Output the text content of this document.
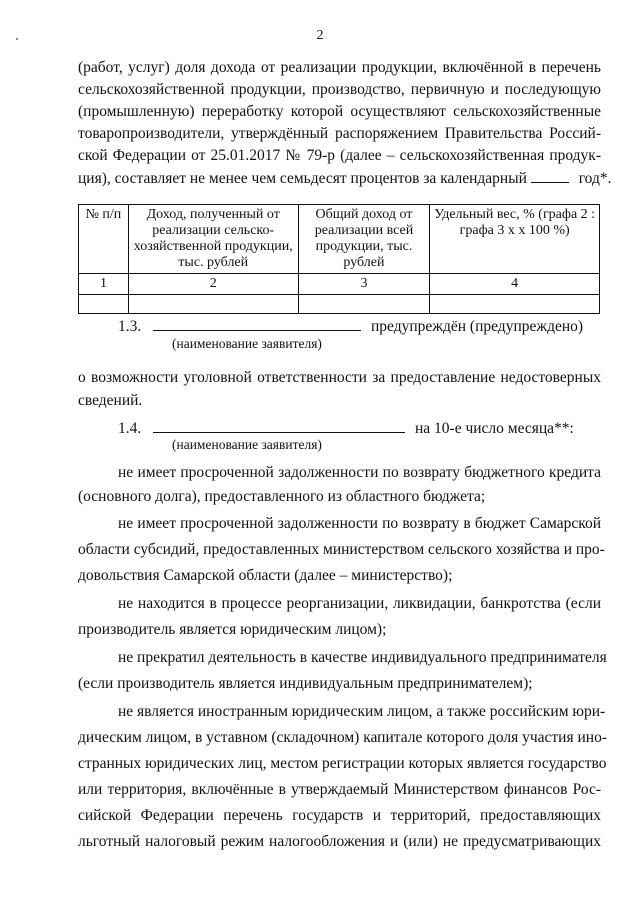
2
(работ, услуг) доля дохода от реализации продукции, включённой в перечень
сельскохозяйственной продукции, производство, первичную и последующую
(промышленную) переработку которой осуществляют сельскохозяйственные
товаропроизводители, утверждённый распоряжением Правительства Россий-
ской Федерации от 25.01.2017 № 79-р (далее – сельскохозяйственная продук-
ция), составляет не менее чем семьдесят процентов за календарный	год*.
№ п/п	Доход, полученный от реализации сельско-хозяйственной продукции, тыс. рублей	Общий доход от реализации всей продукции, тыс. рублей	Удельный вес, % (графа 2 : графа 3 х х 100 %)
1	2	3	4

1.3.	предупреждён (предупреждено)
(наименование заявителя)
о возможности уголовной ответственности за предоставление недостоверных
сведений.
1.4.	на 10-е число месяца**:
(наименование заявителя)
не имеет просроченной задолженности по возврату бюджетного кредита
(основного долга), предоставленного из областного бюджета;
не имеет просроченной задолженности по возврату в бюджет Самарской
области субсидий, предоставленных министерством сельского хозяйства и про-
довольствия Самарской области (далее – министерство);
не находится в процессе реорганизации, ликвидации, банкротства (если
производитель является юридическим лицом);
не прекратил деятельность в качестве индивидуального предпринимателя
(если производитель является индивидуальным предпринимателем);
не является иностранным юридическим лицом, а также российским юри-
дическим лицом, в уставном (складочном) капитале которого доля участия ино-
странных юридических лиц, местом регистрации которых является государство
или территория, включённые в утверждаемый Министерством финансов Рос-
сийской Федерации перечень государств и территорий, предоставляющих
льготный налоговый режим налогообложения и (или) не предусматривающих
